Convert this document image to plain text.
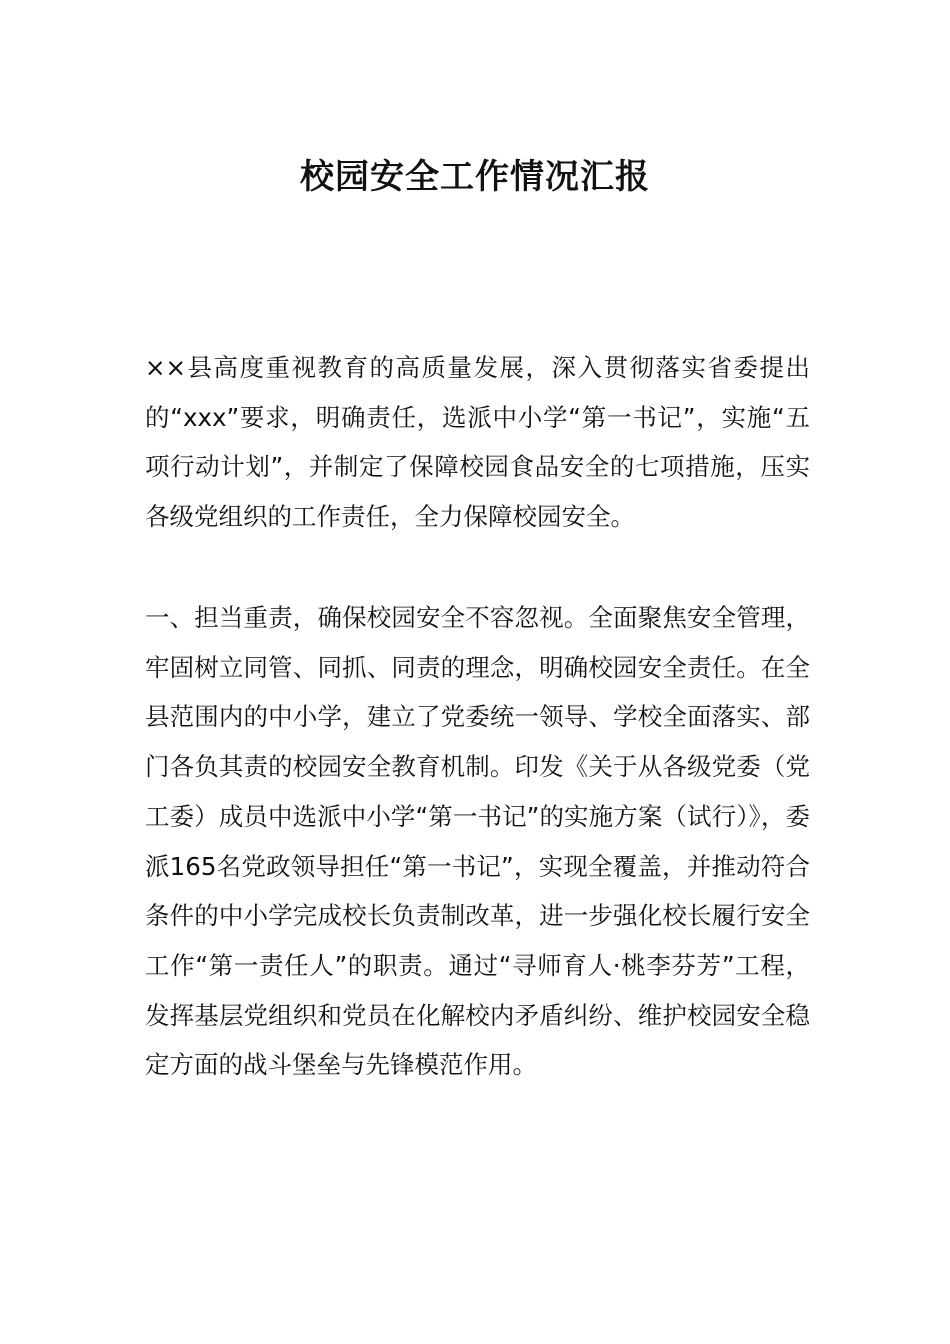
校园安全工作情况汇报

××县高度重视教育的高质量发展，深入贯彻落实省委提出的“xxx”要求，明确责任，选派中小学“第一书记”，实施“五项行动计划”，并制定了保障校园食品安全的七项措施，压实各级党组织的工作责任，全力保障校园安全。

一、担当重责，确保校园安全不容忽视。全面聚焦安全管理，牢固树立同管、同抓、同责的理念，明确校园安全责任。在全县范围内的中小学，建立了党委统一领导、学校全面落实、部门各负其责的校园安全教育机制。印发《关于从各级党委（党工委）成员中选派中小学“第一书记”的实施方案（试行）》，委派165名党政领导担任“第一书记”，实现全覆盖，并推动符合条件的中小学完成校长负责制改革，进一步强化校长履行安全工作“第一责任人”的职责。通过“寻师育人·桃李芬芳”工程，发挥基层党组织和党员在化解校内矛盾纠纷、维护校园安全稳定方面的战斗堡垒与先锋模范作用。
